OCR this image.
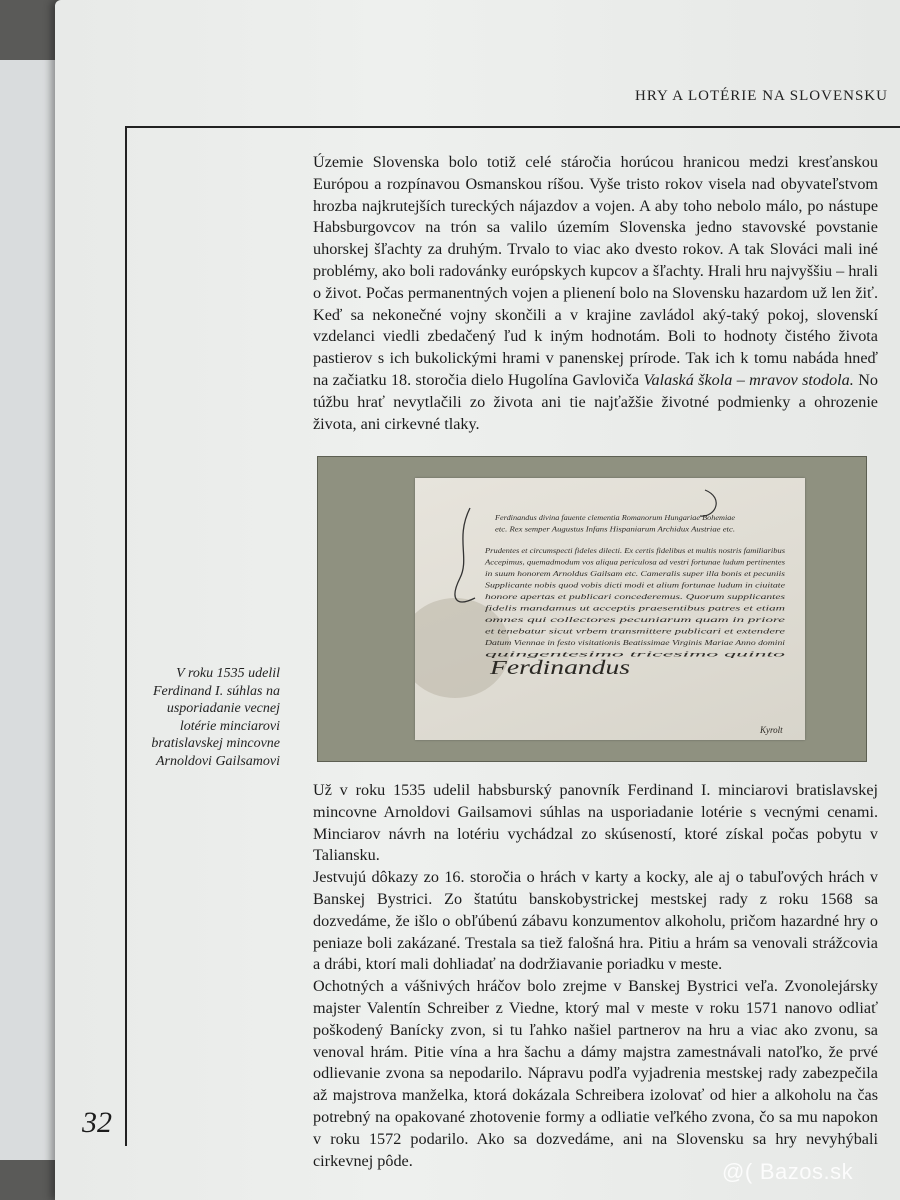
HRY A LOTÉRIE NA SLOVENSKU

Územie Slovenska bolo totiž celé stáročia horúcou hranicou medzi kresťanskou Európou a rozpínavou Osmanskou ríšou. Vyše tristo rokov visela nad obyvateľstvom hrozba najkrutejších tureckých nájazdov a vojen. A aby toho nebolo málo, po nástupe Habsburgovcov na trón sa valilo územím Slovenska jedno stavovské povstanie uhorskej šľachty za druhým. Trvalo to viac ako dvesto rokov. A tak Slováci mali iné problémy, ako boli radovánky európskych kupcov a šľachty. Hrali hru najvyššiu – hrali o život. Počas permanentných vojen a plienení bolo na Slovensku hazardom už len žiť. Keď sa nekonečné vojny skončili a v krajine zavládol aký-taký pokoj, slovenskí vzdelanci viedli zbedačený ľud k iným hodnotám. Boli to hodnoty čistého života pastierov s ich bukolickými hrami v panenskej prírode. Tak ich k tomu nabáda hneď na začiatku 18. storočia dielo Hugolína Gavloviča Valaská škola – mravov stodola. No túžbu hrať nevytlačili zo života ani tie najťažšie životné podmienky a ohrozenie života, ani cirkevné tlaky.

Ferdinandus divina fauente clementia Romanorum Hungariae Bohemiae
etc. Rex semper Augustus Infans Hispaniarum Archidux Austriae etc.
Prudentes et circumspecti fideles dilecti. Ex certis fidelibus et multis nostris familiaribus
Accepimus, quemadmodum vos aliqua periculosa ad vestri fortunae ludum pertinentes
in suum honorem Arnoldus Gailsam etc. Cameralis super illa bonis et pecuniis
Supplicante nobis quod vobis dicti modi et alium fortunae ludum in ciuitate
honore apertas et publicari concederemus. Quorum supplicantes
fidelis mandamus ut acceptis praesentibus patres et etiam
omnes qui collectores pecuniarum quam in priore
et tenebatur sicut vrbem transmittere publicari et extendere
Datum Viennae in festo visitationis Beatissimae Virginis Mariae Anno domini
quingentesimo tricesimo quinto
Ferdinandus
Kyrolt
V roku 1535 udelil Ferdinand I. súhlas na usporiadanie vecnej lotérie minciarovi bratislavskej mincovne Arnoldovi Gailsamovi

Už v roku 1535 udelil habsburský panovník Ferdinand I. minciarovi bratislavskej mincovne Arnoldovi Gailsamovi súhlas na usporiadanie lotérie s vecnými cenami. Minciarov návrh na lotériu vychádzal zo skúseností, ktoré získal počas pobytu v Taliansku.

Jestvujú dôkazy zo 16. storočia o hrách v karty a kocky, ale aj o tabuľových hrách v Banskej Bystrici. Zo štatútu banskobystrickej mestskej rady z roku 1568 sa dozvedáme, že išlo o obľúbenú zábavu konzumentov alkoholu, pričom hazardné hry o peniaze boli zakázané. Trestala sa tiež falošná hra. Pitiu a hrám sa venovali strážcovia a drábi, ktorí mali dohliadať na dodržiavanie poriadku v meste.

Ochotných a vášnivých hráčov bolo zrejme v Banskej Bystrici veľa. Zvonolejársky majster Valentín Schreiber z Viedne, ktorý mal v meste v roku 1571 nanovo odliať poškodený Banícky zvon, si tu ľahko našiel partnerov na hru a viac ako zvonu, sa venoval hrám. Pitie vína a hra šachu a dámy majstra zamestnávali natoľko, že prvé odlievanie zvona sa nepodarilo. Nápravu podľa vyjadrenia mestskej rady zabezpečila až majstrova manželka, ktorá dokázala Schreibera izolovať od hier a alkoholu na čas potrebný na opakované zhotovenie formy a odliatie veľkého zvona, čo sa mu napokon v roku 1572 podarilo. Ako sa dozvedáme, ani na Slovensku sa hry nevyhýbali cirkevnej pôde.

32
@( Bazos.sk
